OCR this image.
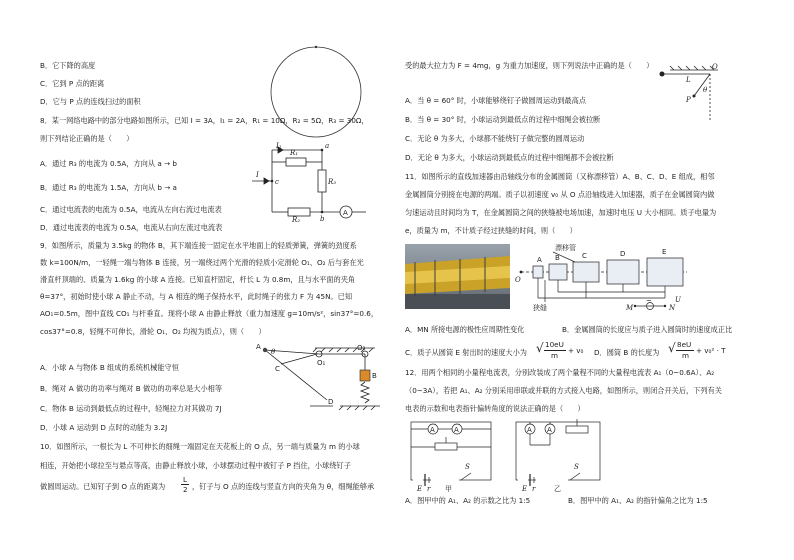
B．它下降的高度
C．它到 P 点的距离
D．它与 P 点的连线扫过的面积
8．某一网络电路中的部分电路如图所示，已知 I = 3A，I₁ = 2A，R₁ = 10Ω，R₂ = 5Ω，R₃ = 30Ω，
则下列结论正确的是（　　）
A．通过 R₃ 的电流为 0.5A，方向从 a → b
B．通过 R₃ 的电流为 1.5A，方向从 b → a
C．通过电流表的电流为 0.5A，电流从左向右流过电流表
D．通过电流表的电流为 0.5A，电流从右向左流过电流表
I
I₁
R₁
R₃
R₂
a
c
b
A
9．如图所示，质量为 3.5kg 的物体 B，其下端连接一固定在水平地面上的轻质弹簧，弹簧的劲度系
数 k=100N/m，一轻绳一端与物体 B 连接，另一端绕过两个光滑的轻质小定滑轮 O₁、O₂ 后与套在光
滑直杆顶端的、质量为 1.6kg 的小球 A 连接。已知直杆固定，杆长 L 为 0.8m，且与水平面的夹角
θ=37°，初始时使小球 A 静止不动，与 A 相连的绳子保持水平，此时绳子的张力 F 为 45N。已知
AO₁=0.5m，图中直线 CO₁ 与杆垂直。现将小球 A 由静止释放（重力加速度 g=10m/s²，sin37°=0.6，
cos37°=0.8，轻绳不可伸长，滑轮 O₁、O₂ 均视为质点），则（　　）
A．小球 A 与物体 B 组成的系统机械能守恒
B．绳对 A 做功的功率与绳对 B 做功的功率总是大小相等
C．物体 B 运动到最低点的过程中，轻绳拉力对其做功 7J
D．小球 A 运动到 D 点时的动能为 3.2J
A
θ
C
O₁
O₂
B
D
10．如图所示，一根长为 L 不可伸长的细绳一端固定在天花板上的 O 点，另一端与质量为 m 的小球
相连，开始把小球拉至与悬点等高，由静止释放小球，小球摆动过程中被钉子 P 挡住，小球绕钉子
做圆周运动。已知钉子到 O 点的距离为
L
2 ，钉子与 O 点的连线与竖直方向的夹角为 θ，细绳能够承
受的最大拉力为 F = 4mg，g 为重力加速度，则下列说法中正确的是（　　）	O
L
P
θ
A．当 θ = 60° 时，小球能够绕钉子做圆周运动到最高点
B．当 θ = 30° 时，小球运动到最低点的过程中细绳会被拉断
C．无论 θ 为多大，小球都不能绕钉子做完整的圆周运动
D．无论 θ 为多大，小球运动到最低点的过程中细绳都不会被拉断
11．如图所示的直线加速器由沿轴线分布的金属圆筒（又称漂移管）A、B、C、D、E 组成，相邻
金属圆筒分别接在电源的两端。质子以初速度 v₀ 从 O 点沿轴线进入加速器，质子在金属圆筒内做
匀速运动且时间均为 T，在金属圆筒之间的狭缝被电场加速，加速时电压 U 大小相同。质子电量为
e，质量为 m，不计质子经过狭缝的时间，则（　　）
O
A B	C	D	E
M	N
~	U
漂移管
狭缝
A．MN 所接电源的极性应周期性变化	B．金属圆筒的长度应与质子进入圆筒时的速度成正比
C．质子从圆筒 E 射出时的速度大小为 √ 10eU
m
+ v₀ D．圆筒 B 的长度为 √ 8eU
m
+ v₀² · T
12．用两个相同的小量程电流表，分别改装成了两个量程不同的大量程电流表 A₁（0~0.6A）、A₂
（0~3A），若把 A₁、A₂ 分别采用串联或并联的方式接入电路，如图所示，则闭合开关后，下列有关
电表的示数和电表指针偏转角度的说法正确的是（　　）
A	A
E r
S
甲
A A
E r
S
乙
A．图甲中的 A₁、A₂ 的示数之比为 1:5	B．图甲中的 A₁、A₂ 的指针偏角之比为 1:5
